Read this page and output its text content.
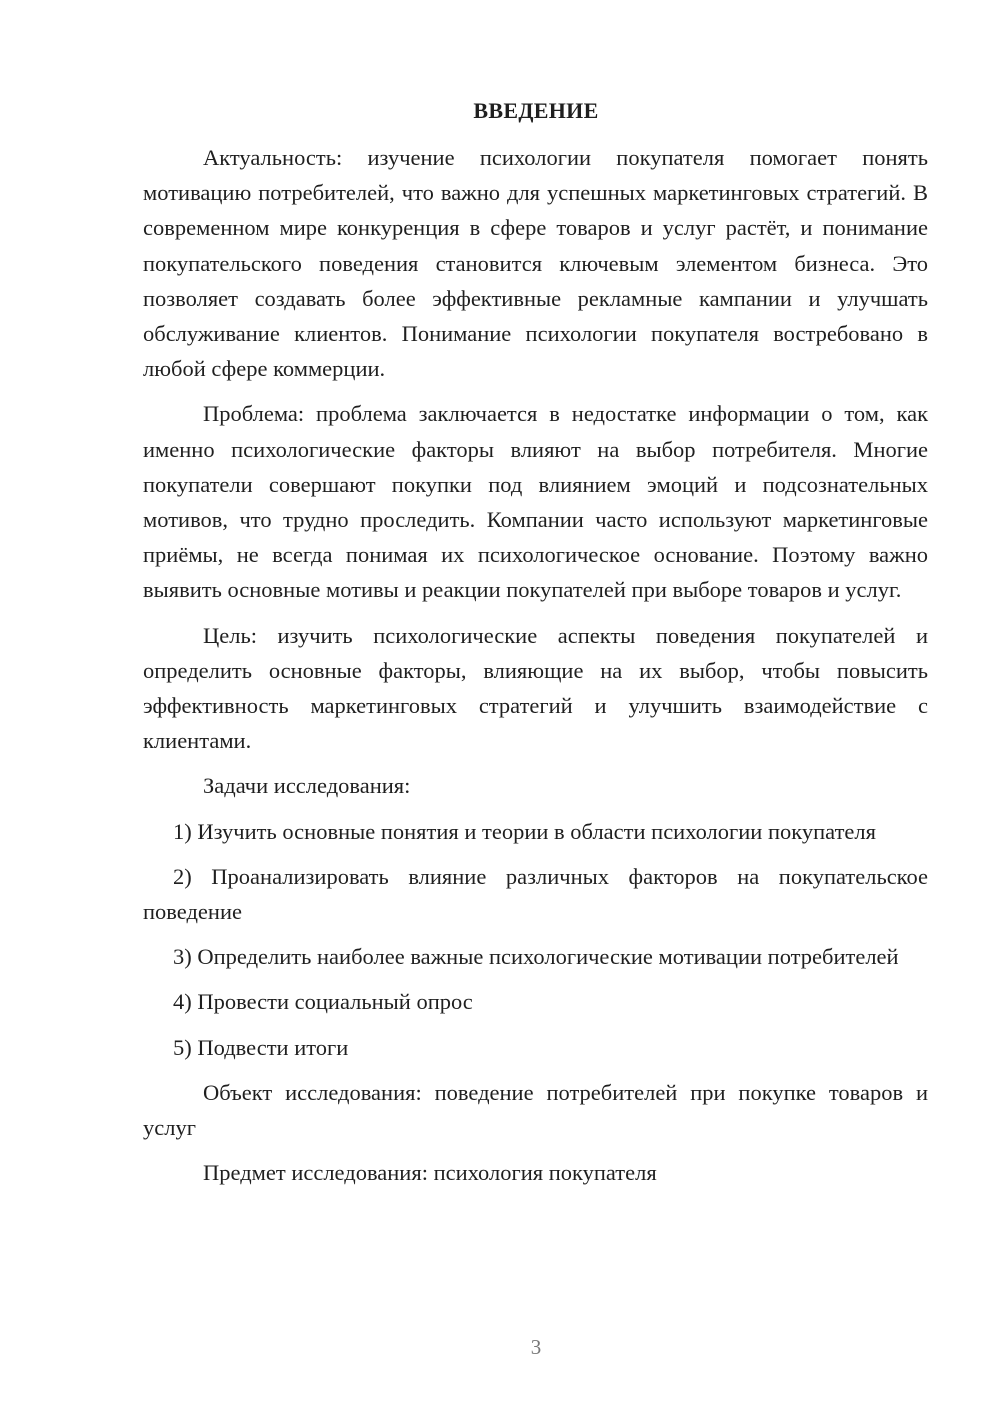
ВВЕДЕНИЕ

Актуальность: изучение психологии покупателя помогает понять мотивацию потребителей, что важно для успешных маркетинговых стратегий. В современном мире конкуренция в сфере товаров и услуг растёт, и понимание покупательского поведения становится ключевым элементом бизнеса. Это позволяет создавать более эффективные рекламные кампании и улучшать обслуживание клиентов. Понимание психологии покупателя востребовано в любой сфере коммерции.

Проблема: проблема заключается в недостатке информации о том, как именно психологические факторы влияют на выбор потребителя. Многие покупатели совершают покупки под влиянием эмоций и подсознательных мотивов, что трудно проследить. Компании часто используют маркетинговые приёмы, не всегда понимая их психологическое основание. Поэтому важно выявить основные мотивы и реакции покупателей при выборе товаров и услуг.

Цель: изучить психологические аспекты поведения покупателей и определить основные факторы, влияющие на их выбор, чтобы повысить эффективность маркетинговых стратегий и улучшить взаимодействие с клиентами.

Задачи исследования:

1) Изучить основные понятия и теории в области психологии покупателя

2) Проанализировать влияние различных факторов на покупательское поведение

3) Определить наиболее важные психологические мотивации потребителей

4) Провести социальный опрос

5) Подвести итоги

Объект исследования: поведение потребителей при покупке товаров и услуг

Предмет исследования: психология покупателя

3
